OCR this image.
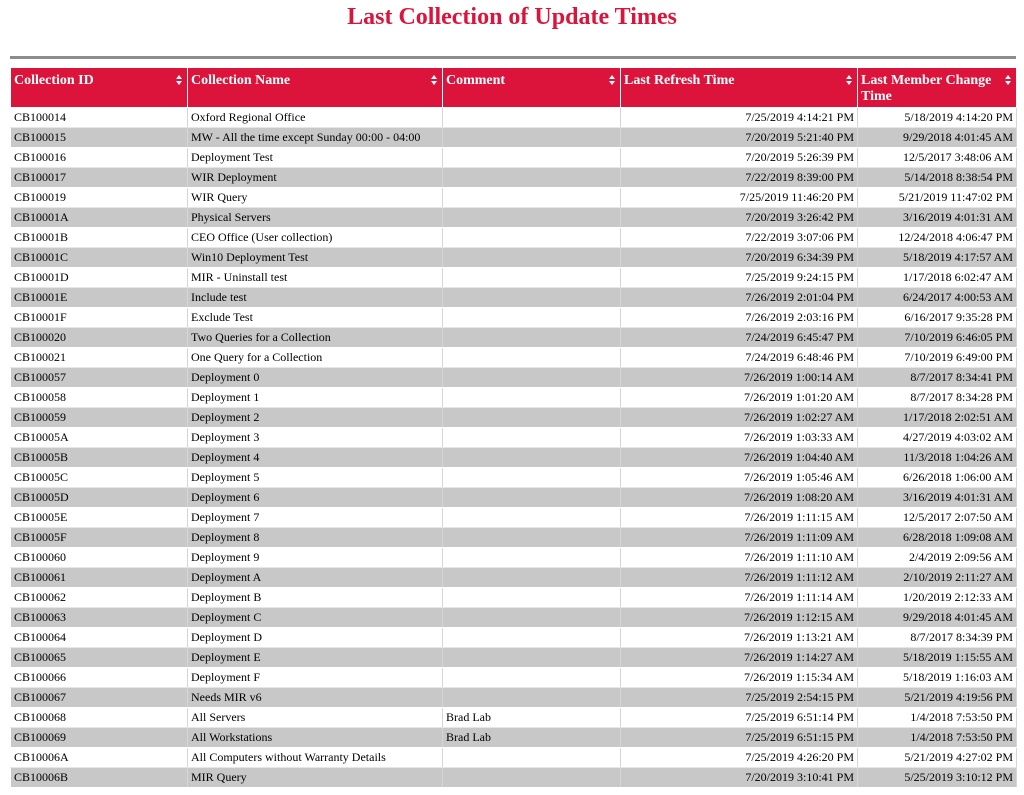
Last Collection of Update Times
Collection ID	Collection Name	Comment	Last Refresh Time	Last Member Change Time

CB100014	Oxford Regional Office		7/25/2019 4:14:21 PM	5/18/2019 4:14:20 PM
CB100015	MW - All the time except Sunday 00:00 - 04:00		7/20/2019 5:21:40 PM	9/29/2018 4:01:45 AM
CB100016	Deployment Test		7/20/2019 5:26:39 PM	12/5/2017 3:48:06 AM
CB100017	WIR Deployment		7/22/2019 8:39:00 PM	5/14/2018 8:38:54 PM
CB100019	WIR Query		7/25/2019 11:46:20 PM	5/21/2019 11:47:02 PM
CB10001A	Physical Servers		7/20/2019 3:26:42 PM	3/16/2019 4:01:31 AM
CB10001B	CEO Office (User collection)		7/22/2019 3:07:06 PM	12/24/2018 4:06:47 PM
CB10001C	Win10 Deployment Test		7/20/2019 6:34:39 PM	5/18/2019 4:17:57 AM
CB10001D	MIR - Uninstall test		7/25/2019 9:24:15 PM	1/17/2018 6:02:47 AM
CB10001E	Include test		7/26/2019 2:01:04 PM	6/24/2017 4:00:53 AM
CB10001F	Exclude Test		7/26/2019 2:03:16 PM	6/16/2017 9:35:28 PM
CB100020	Two Queries for a Collection		7/24/2019 6:45:47 PM	7/10/2019 6:46:05 PM
CB100021	One Query for a Collection		7/24/2019 6:48:46 PM	7/10/2019 6:49:00 PM
CB100057	Deployment 0		7/26/2019 1:00:14 AM	8/7/2017 8:34:41 PM
CB100058	Deployment 1		7/26/2019 1:01:20 AM	8/7/2017 8:34:28 PM
CB100059	Deployment 2		7/26/2019 1:02:27 AM	1/17/2018 2:02:51 AM
CB10005A	Deployment 3		7/26/2019 1:03:33 AM	4/27/2019 4:03:02 AM
CB10005B	Deployment 4		7/26/2019 1:04:40 AM	11/3/2018 1:04:26 AM
CB10005C	Deployment 5		7/26/2019 1:05:46 AM	6/26/2018 1:06:00 AM
CB10005D	Deployment 6		7/26/2019 1:08:20 AM	3/16/2019 4:01:31 AM
CB10005E	Deployment 7		7/26/2019 1:11:15 AM	12/5/2017 2:07:50 AM
CB10005F	Deployment 8		7/26/2019 1:11:09 AM	6/28/2018 1:09:08 AM
CB100060	Deployment 9		7/26/2019 1:11:10 AM	2/4/2019 2:09:56 AM
CB100061	Deployment A		7/26/2019 1:11:12 AM	2/10/2019 2:11:27 AM
CB100062	Deployment B		7/26/2019 1:11:14 AM	1/20/2019 2:12:33 AM
CB100063	Deployment C		7/26/2019 1:12:15 AM	9/29/2018 4:01:45 AM
CB100064	Deployment D		7/26/2019 1:13:21 AM	8/7/2017 8:34:39 PM
CB100065	Deployment E		7/26/2019 1:14:27 AM	5/18/2019 1:15:55 AM
CB100066	Deployment F		7/26/2019 1:15:34 AM	5/18/2019 1:16:03 AM
CB100067	Needs MIR v6		7/25/2019 2:54:15 PM	5/21/2019 4:19:56 PM
CB100068	All Servers	Brad Lab	7/25/2019 6:51:14 PM	1/4/2018 7:53:50 PM
CB100069	All Workstations	Brad Lab	7/25/2019 6:51:15 PM	1/4/2018 7:53:50 PM
CB10006A	All Computers without Warranty Details		7/25/2019 4:26:20 PM	5/21/2019 4:27:02 PM
CB10006B	MIR Query		7/20/2019 3:10:41 PM	5/25/2019 3:10:12 PM
